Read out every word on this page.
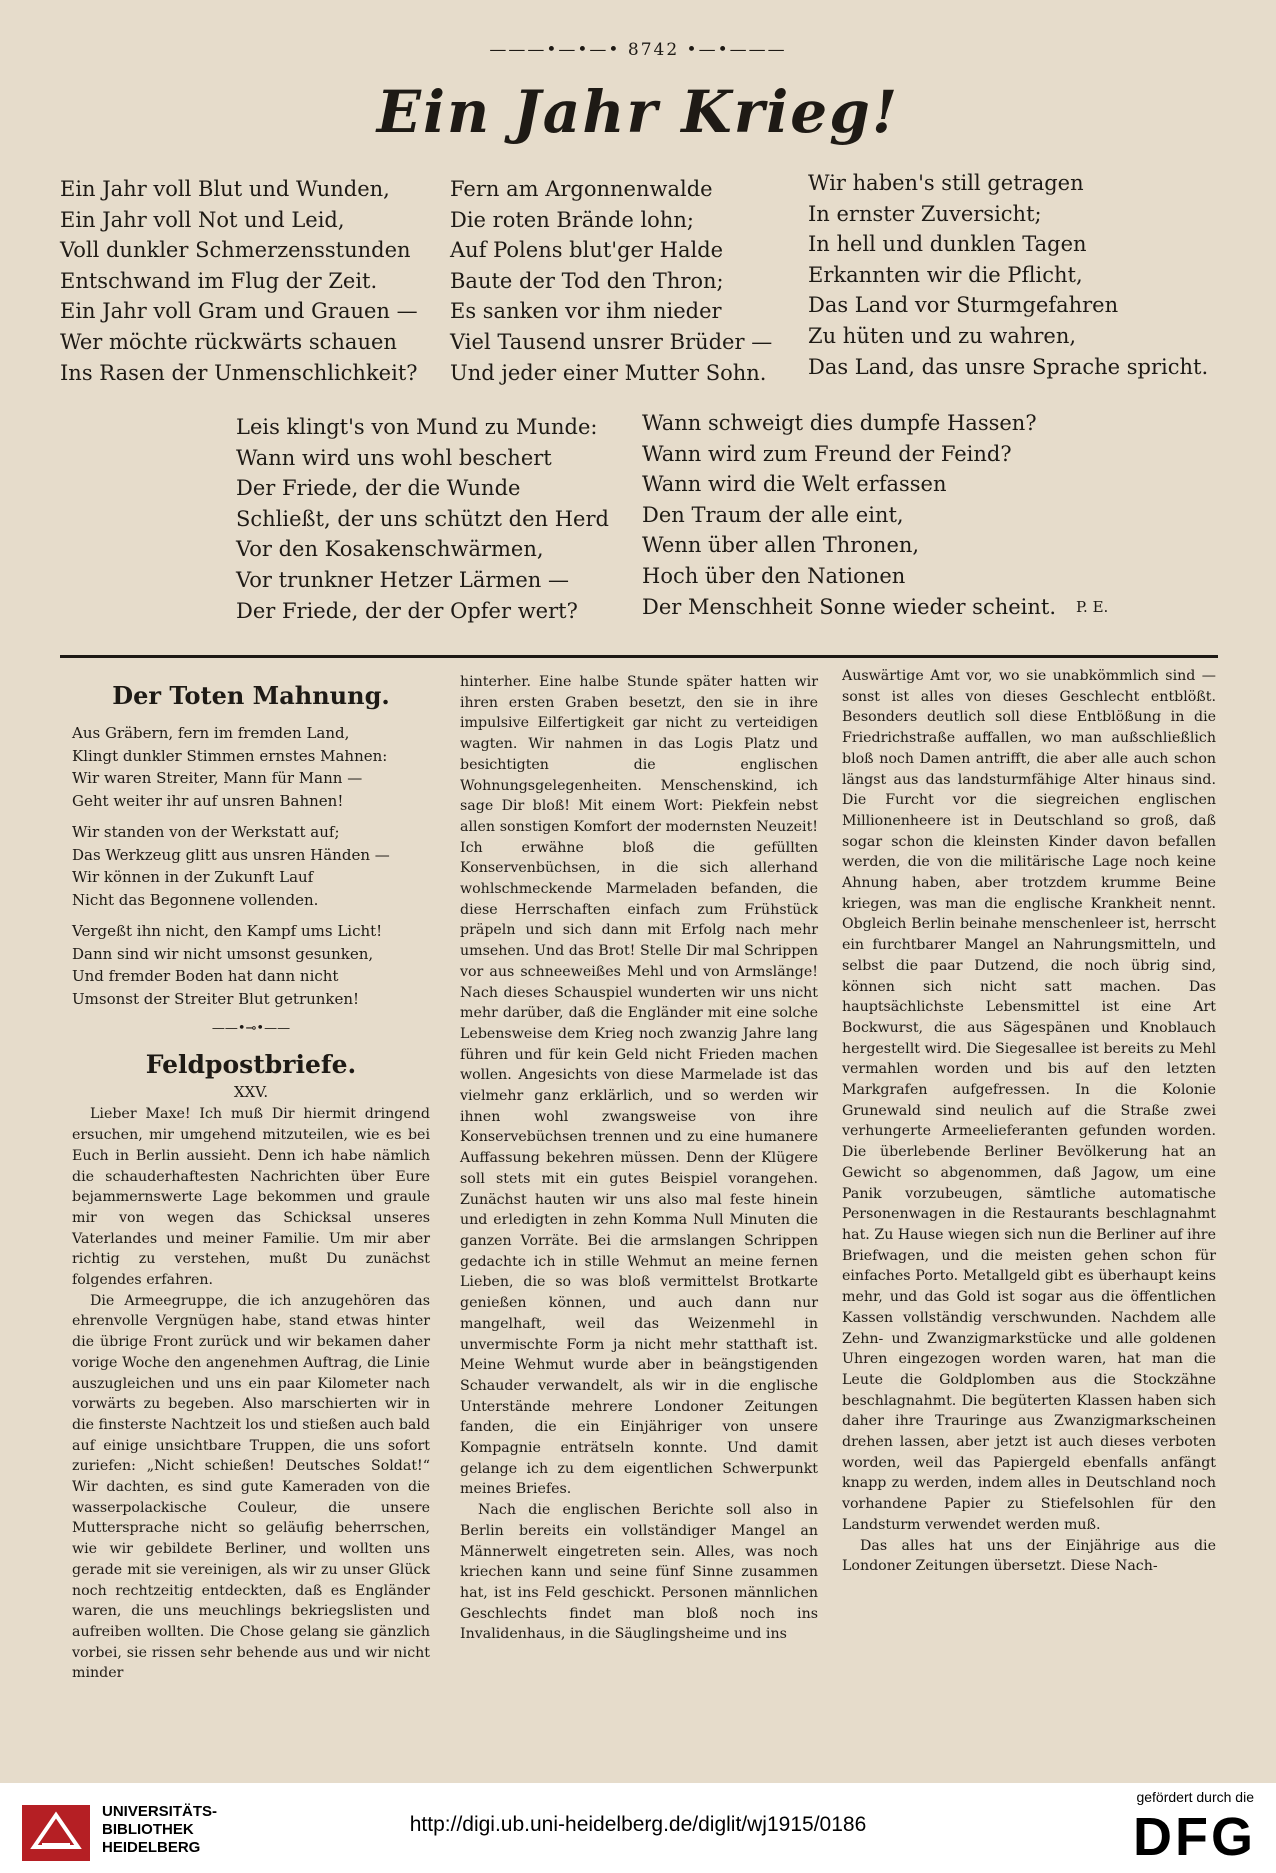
———•—•—• 8742 •—•———
Ein Jahr Krieg!
Ein Jahr voll Blut und Wunden,
Ein Jahr voll Not und Leid,
Voll dunkler Schmerzensstunden
Entschwand im Flug der Zeit.
Ein Jahr voll Gram und Grauen —
Wer möchte rückwärts schauen
Ins Rasen der Unmenschlichkeit?
Fern am Argonnenwalde
Die roten Brände lohn;
Auf Polens blut'ger Halde
Baute der Tod den Thron;
Es sanken vor ihm nieder
Viel Tausend unsrer Brüder —
Und jeder einer Mutter Sohn.
Wir haben's still getragen
In ernster Zuversicht;
In hell und dunklen Tagen
Erkannten wir die Pflicht,
Das Land vor Sturmgefahren
Zu hüten und zu wahren,
Das Land, das unsre Sprache spricht.
Leis klingt's von Mund zu Munde:
Wann wird uns wohl beschert
Der Friede, der die Wunde
Schließt, der uns schützt den Herd
Vor den Kosakenschwärmen,
Vor trunkner Hetzer Lärmen —
Der Friede, der der Opfer wert?
Wann schweigt dies dumpfe Hassen?
Wann wird zum Freund der Feind?
Wann wird die Welt erfassen
Den Traum der alle eint,
Wenn über allen Thronen,
Hoch über den Nationen
Der Menschheit Sonne wieder scheint. P. E.
Der Toten Mahnung.
Aus Gräbern, fern im fremden Land,
Klingt dunkler Stimmen ernstes Mahnen:
Wir waren Streiter, Mann für Mann —
Geht weiter ihr auf unsren Bahnen!
Wir standen von der Werkstatt auf;
Das Werkzeug glitt aus unsren Händen —
Wir können in der Zukunft Lauf
Nicht das Begonnene vollenden.
Vergeßt ihn nicht, den Kampf ums Licht!
Dann sind wir nicht umsonst gesunken,
Und fremder Boden hat dann nicht
Umsonst der Streiter Blut getrunken!
——•⊸•——
Feldpostbriefe.
XXV.

Lieber Maxe! Ich muß Dir hiermit dringend ersuchen, mir umgehend mitzuteilen, wie es bei Euch in Berlin aussieht. Denn ich habe nämlich die schauderhaftesten Nachrichten über Eure bejammernswerte Lage bekommen und graule mir von wegen das Schicksal unseres Vaterlandes und meiner Familie. Um mir aber richtig zu verstehen, mußt Du zunächst folgendes erfahren.

Die Armeegruppe, die ich anzugehören das ehrenvolle Vergnügen habe, stand etwas hinter die übrige Front zurück und wir bekamen daher vorige Woche den angenehmen Auftrag, die Linie auszugleichen und uns ein paar Kilometer nach vorwärts zu begeben. Also marschierten wir in die finsterste Nachtzeit los und stießen auch bald auf einige unsichtbare Truppen, die uns sofort zuriefen: „Nicht schießen! Deutsches Soldat!“ Wir dachten, es sind gute Kameraden von die wasserpolackische Couleur, die unsere Muttersprache nicht so geläufig beherrschen, wie wir gebildete Berliner, und wollten uns gerade mit sie vereinigen, als wir zu unser Glück noch rechtzeitig entdeckten, daß es Engländer waren, die uns meuchlings bekriegslisten und aufreiben wollten. Die Chose gelang sie gänzlich vorbei, sie rissen sehr behende aus und wir nicht minder

hinterher. Eine halbe Stunde später hatten wir ihren ersten Graben besetzt, den sie in ihre impulsive Eilfertigkeit gar nicht zu verteidigen wagten. Wir nahmen in das Logis Platz und besichtigten die englischen Wohnungsgelegenheiten. Menschenskind, ich sage Dir bloß! Mit einem Wort: Piekfein nebst allen sonstigen Komfort der modernsten Neuzeit! Ich erwähne bloß die gefüllten Konservenbüchsen, in die sich allerhand wohlschmeckende Marmeladen befanden, die diese Herrschaften einfach zum Frühstück präpeln und sich dann mit Erfolg nach mehr umsehen. Und das Brot! Stelle Dir mal Schrippen vor aus schneeweißes Mehl und von Armslänge! Nach dieses Schauspiel wunderten wir uns nicht mehr darüber, daß die Engländer mit eine solche Lebensweise dem Krieg noch zwanzig Jahre lang führen und für kein Geld nicht Frieden machen wollen. Angesichts von diese Marmelade ist das vielmehr ganz erklärlich, und so werden wir ihnen wohl zwangsweise von ihre Konservebüchsen trennen und zu eine humanere Auffassung bekehren müssen. Denn der Klügere soll stets mit ein gutes Beispiel vorangehen. Zunächst hauten wir uns also mal feste hinein und erledigten in zehn Komma Null Minuten die ganzen Vorräte. Bei die armslangen Schrippen gedachte ich in stille Wehmut an meine fernen Lieben, die so was bloß vermittelst Brotkarte genießen können, und auch dann nur mangelhaft, weil das Weizenmehl in unvermischte Form ja nicht mehr statthaft ist. Meine Wehmut wurde aber in beängstigenden Schauder verwandelt, als wir in die englische Unterstände mehrere Londoner Zeitungen fanden, die ein Einjähriger von unsere Kompagnie enträtseln konnte. Und damit gelange ich zu dem eigentlichen Schwerpunkt meines Briefes.

Nach die englischen Berichte soll also in Berlin bereits ein vollständiger Mangel an Männerwelt eingetreten sein. Alles, was noch kriechen kann und seine fünf Sinne zusammen hat, ist ins Feld geschickt. Personen männlichen Geschlechts findet man bloß noch ins Invalidenhaus, in die Säuglingsheime und ins

Auswärtige Amt vor, wo sie unabkömmlich sind — sonst ist alles von dieses Geschlecht entblößt. Besonders deutlich soll diese Entblößung in die Friedrichstraße auffallen, wo man außschließlich bloß noch Damen antrifft, die aber alle auch schon längst aus das landsturmfähige Alter hinaus sind. Die Furcht vor die siegreichen englischen Millionenheere ist in Deutschland so groß, daß sogar schon die kleinsten Kinder davon befallen werden, die von die militärische Lage noch keine Ahnung haben, aber trotzdem krumme Beine kriegen, was man die englische Krankheit nennt. Obgleich Berlin beinahe menschenleer ist, herrscht ein furchtbarer Mangel an Nahrungsmitteln, und selbst die paar Dutzend, die noch übrig sind, können sich nicht satt machen. Das hauptsächlichste Lebensmittel ist eine Art Bockwurst, die aus Sägespänen und Knoblauch hergestellt wird. Die Siegesallee ist bereits zu Mehl vermahlen worden und bis auf den letzten Markgrafen aufgefressen. In die Kolonie Grunewald sind neulich auf die Straße zwei verhungerte Armeelieferanten gefunden worden. Die überlebende Berliner Bevölkerung hat an Gewicht so abgenommen, daß Jagow, um eine Panik vorzubeugen, sämtliche automatische Personenwagen in die Restaurants beschlagnahmt hat. Zu Hause wiegen sich nun die Berliner auf ihre Briefwagen, und die meisten gehen schon für einfaches Porto. Metallgeld gibt es überhaupt keins mehr, und das Gold ist sogar aus die öffentlichen Kassen vollständig verschwunden. Nachdem alle Zehn- und Zwanzigmarkstücke und alle goldenen Uhren eingezogen worden waren, hat man die Leute die Goldplomben aus die Stockzähne beschlagnahmt. Die begüterten Klassen haben sich daher ihre Trauringe aus Zwanzigmarkscheinen drehen lassen, aber jetzt ist auch dieses verboten worden, weil das Papiergeld ebenfalls anfängt knapp zu werden, indem alles in Deutschland noch vorhandene Papier zu Stiefelsohlen für den Landsturm verwendet werden muß.

Das alles hat uns der Einjährige aus die Londoner Zeitungen übersetzt. Diese Nach-

UNIVERSITÄTS-
BIBLIOTHEK
HEIDELBERG
http://digi.ub.uni-heidelberg.de/diglit/wj1915/0186
gefördert durch die
DFG
